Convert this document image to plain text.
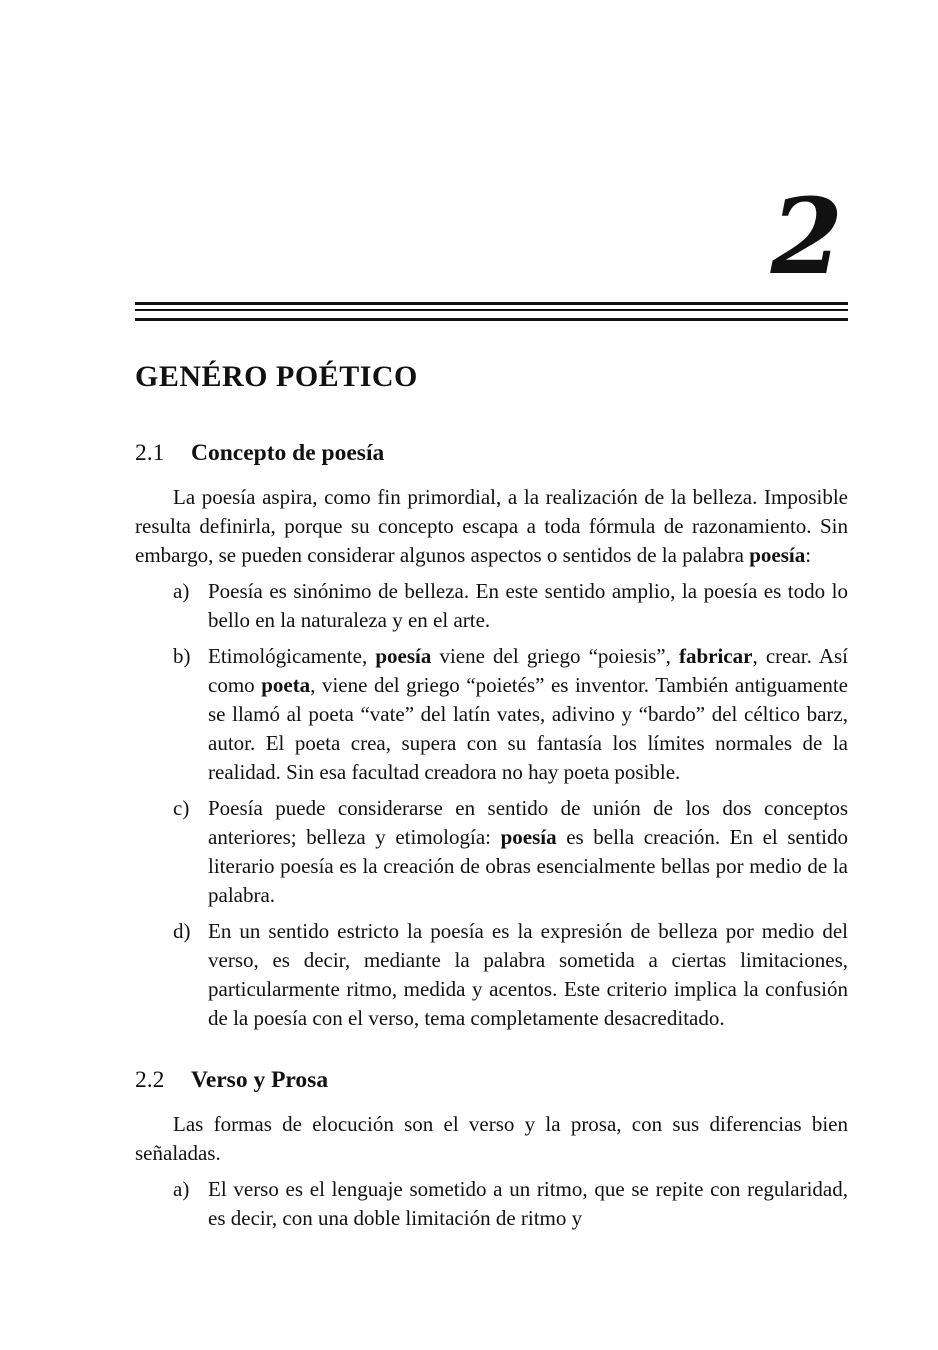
2
GENÉRO POÉTICO
2.1 Concepto de poesía

La poesía aspira, como fin primordial, a la realización de la belleza. Imposible resulta definirla, porque su concepto escapa a toda fórmula de razonamiento. Sin embargo, se pueden considerar algunos aspectos o sentidos de la palabra poesía:

a) Poesía es sinónimo de belleza. En este sentido amplio, la poesía es todo lo bello en la naturaleza y en el arte.
b) Etimológicamente, poesía viene del griego “poiesis”, fabricar, crear. Así como poeta, viene del griego “poietés” es inventor. También antiguamente se llamó al poeta “vate” del latín vates, adivino y “bardo” del céltico barz, autor. El poeta crea, supera con su fantasía los límites normales de la realidad. Sin esa facultad creadora no hay poeta posible.
c) Poesía puede considerarse en sentido de unión de los dos conceptos anteriores; belleza y etimología: poesía es bella creación. En el sentido literario poesía es la creación de obras esencialmente bellas por medio de la palabra.
d) En un sentido estricto la poesía es la expresión de belleza por medio del verso, es decir, mediante la palabra sometida a ciertas limitaciones, particularmente ritmo, medida y acentos. Este criterio implica la confusión de la poesía con el verso, tema completamente desacreditado.
2.2 Verso y Prosa

Las formas de elocución son el verso y la prosa, con sus diferencias bien señaladas.

a) El verso es el lenguaje sometido a un ritmo, que se repite con regularidad, es decir, con una doble limitación de ritmo y
